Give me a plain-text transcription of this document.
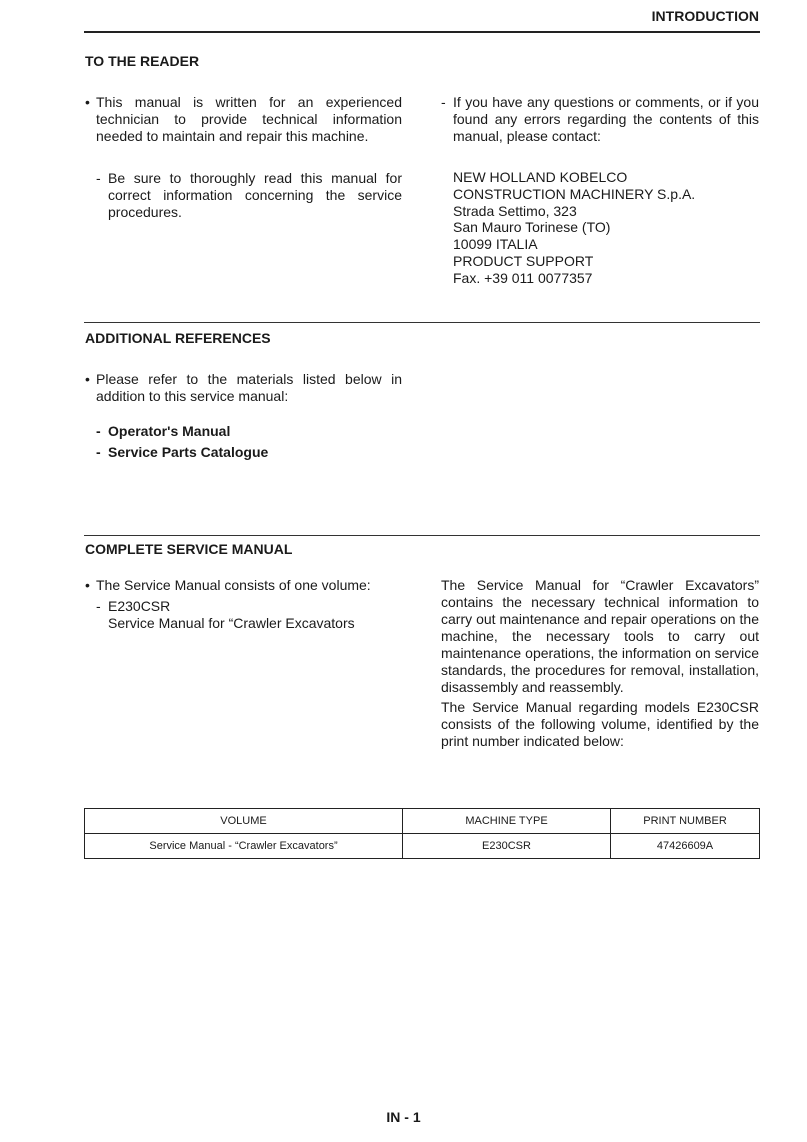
INTRODUCTION
TO THE READER
• This manual is written for an experienced technician to provide technical information needed to maintain and repair this machine.
- Be sure to thoroughly read this manual for correct information concerning the service procedures.
- If you have any questions or comments, or if you found any errors regarding the contents of this manual, please contact:
NEW HOLLAND KOBELCO
CONSTRUCTION MACHINERY S.p.A.
Strada Settimo, 323
San Mauro Torinese (TO)
10099 ITALIA
PRODUCT SUPPORT
Fax. +39 011 0077357
ADDITIONAL REFERENCES
• Please refer to the materials listed below in addition to this service manual:
- Operator's Manual
- Service Parts Catalogue
COMPLETE SERVICE MANUAL
• The Service Manual consists of one volume:
- E230CSR
Service Manual for “Crawler Excavators
The Service Manual for “Crawler Excavators” contains the necessary technical information to carry out maintenance and repair operations on the machine, the necessary tools to carry out maintenance operations, the information on service standards, the procedures for removal, installation, disassembly and reassembly.
The Service Manual regarding models E230CSR consists of the following volume, identified by the print number indicated below:
VOLUME	MACHINE TYPE	PRINT NUMBER
Service Manual - “Crawler Excavators”	E230CSR	47426609A
IN - 1
